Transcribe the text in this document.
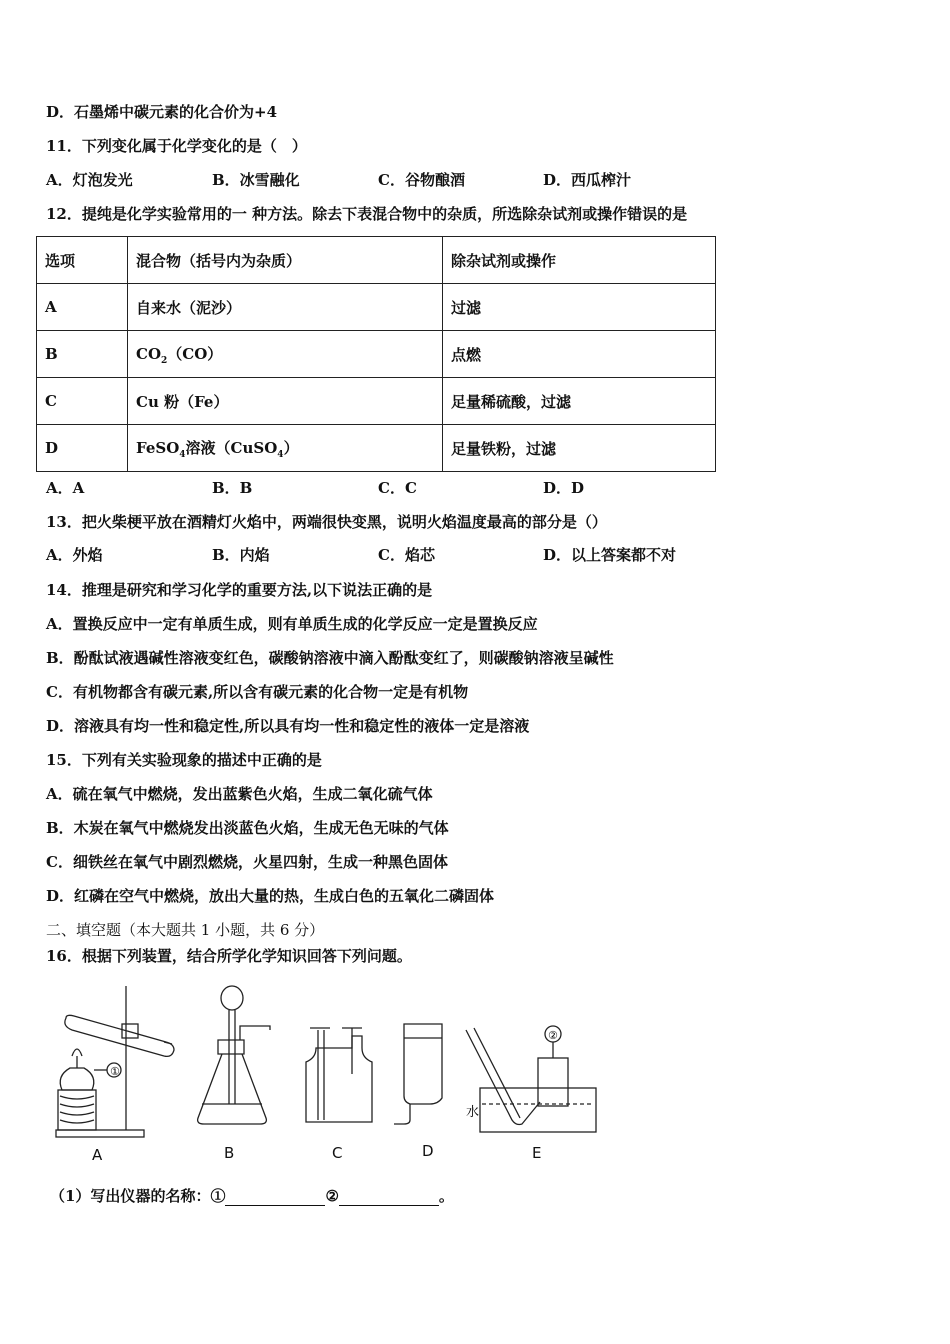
D．石墨烯中碳元素的化合价为+4
11．下列变化属于化学变化的是（　）
A．灯泡发光	B．冰雪融化	C．谷物酿酒	D．西瓜榨汁
12．提纯是化学实验常用的一 种方法。除去下表混合物中的杂质，所选除杂试剂或操作错误的是
选项	混合物（括号内为杂质）	除杂试剂或操作
A	自来水（泥沙）	过滤
B	$CO_2(CO)$	点燃
C	Cu 粉（Fe）	足量稀硫酸，过滤
D	FeSO$_4$溶液（CuSO$_4$）	足量铁粉，过滤
A．A	B．B	C．C	D．D
13．把火柴梗平放在酒精灯火焰中，两端很快变黑，说明火焰温度最高的部分是（）
A．外焰	B．内焰	C．焰芯	D．以上答案都不对
14．推理是研究和学习化学的重要方法,以下说法正确的是
A．置换反应中一定有单质生成，则有单质生成的化学反应一定是置换反应
B．酚酞试液遇碱性溶液变红色，碳酸钠溶液中滴入酚酞变红了，则碳酸钠溶液呈碱性
C．有机物都含有碳元素,所以含有碳元素的化合物一定是有机物
D．溶液具有均一性和稳定性,所以具有均一性和稳定性的液体一定是溶液
15．下列有关实验现象的描述中正确的是
A．硫在氧气中燃烧，发出蓝紫色火焰，生成二氧化硫气体
B．木炭在氧气中燃烧发出淡蓝色火焰，生成无色无味的气体
C．细铁丝在氧气中剧烈燃烧，火星四射，生成一种黑色固体
D．红磷在空气中燃烧，放出大量的热，生成白色的五氧化二磷固体
二、填空题（本大题共 1 小题，共 6 分）
16．根据下列装置，结合所学化学知识回答下列问题。
①
②
水
A	B	C	D	E
（1）写出仪器的名称：①	②	。
